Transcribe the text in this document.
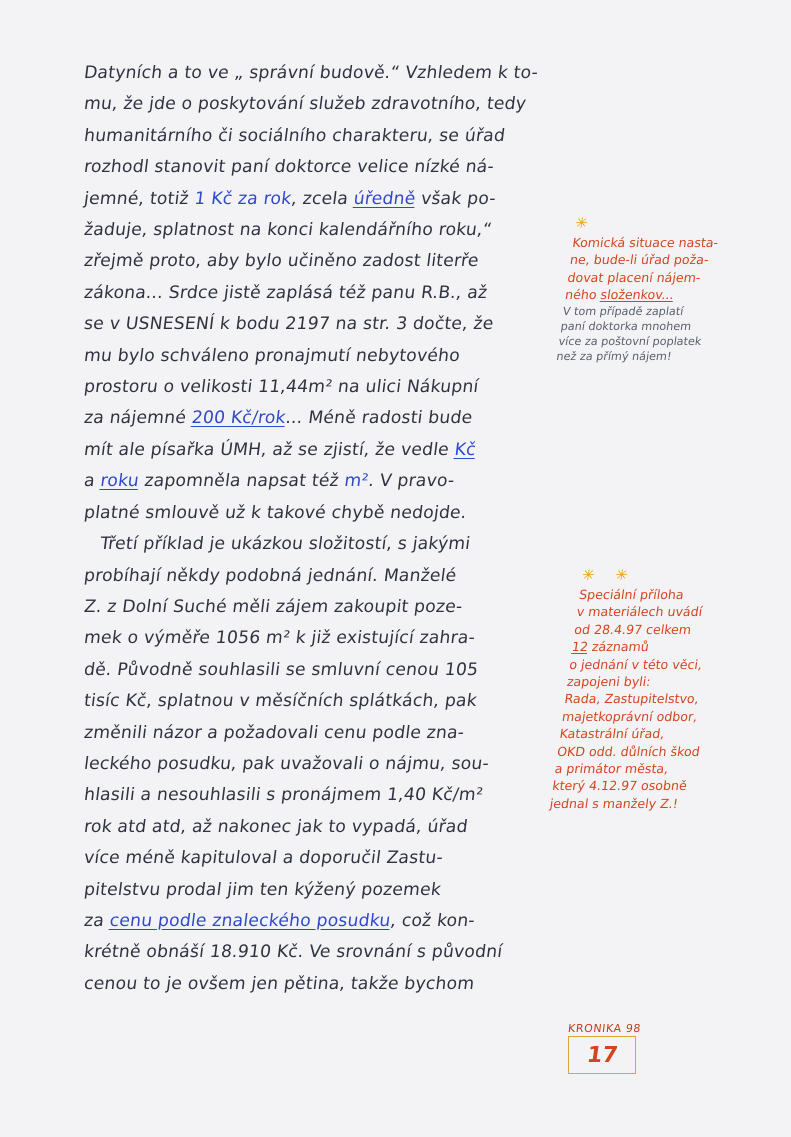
Datyních a to ve „ správní budově.“ Vzhledem k to-
mu, že jde o poskytování služeb zdravotního, tedy
humanitárního či sociálního charakteru, se úřad
rozhodl stanovit paní doktorce velice nízké ná-
jemné, totiž 1 Kč za rok, zcela úředně však po-
žaduje, splatnost na konci kalendářního roku,“
zřejmě proto, aby bylo učiněno zadost literře
zákona... Srdce jistě zaplásá též panu R.B., až
se v USNESENÍ k bodu 2197 na str. 3 dočte, že
mu bylo schváleno pronajmutí nebytového
prostoru o velikosti 11,44m² na ulici Nákupní
za nájemné 200 Kč/rok... Méně radosti bude
mít ale písařka ÚMH, až se zjistí, že vedle Kč
a roku zapomněla napsat též m². V pravo-
platné smlouvě už k takové chybě nedojde.
Třetí příklad je ukázkou složitostí, s jakými
probíhají někdy podobná jednání. Manželé
Z. z Dolní Suché měli zájem zakoupit poze-
mek o výměře 1056 m² k již existující zahra-
dě. Původně souhlasili se smluvní cenou 105
tisíc Kč, splatnou v měsíčních splátkách, pak
změnili názor a požadovali cenu podle zna-
leckého posudku, pak uvažovali o nájmu, sou-
hlasili a nesouhlasili s pronájmem 1,40 Kč/m²
rok atd atd, až nakonec jak to vypadá, úřad
více méně kapituloval a doporučil Zastu-
pitelstvu prodal jim ten kýžený pozemek
za cenu podle znaleckého posudku, což kon-
krétně obnáší 18.910 Kč. Ve srovnání s původní
cenou to je ovšem jen pětina, takže bychom
✳
Komická situace nasta-
ne, bude-li úřad poža-
dovat placení nájem-
ného složenkov...
V tom případě zaplatí
paní doktorka mnohem
více za poštovní poplatek
než za přímý nájem!
✳ ✳
Speciální příloha
v materiálech uvádí
od 28.4.97 celkem
12 záznamů
o jednání v této věci,
zapojeni byli:
Rada, Zastupitelstvo,
majetkoprávní odbor,
Katastrální úřad,
OKD odd. důlních škod
a primátor města,
který 4.12.97 osobně
jednal s manžely Z.!
KRONIKA 98
17
